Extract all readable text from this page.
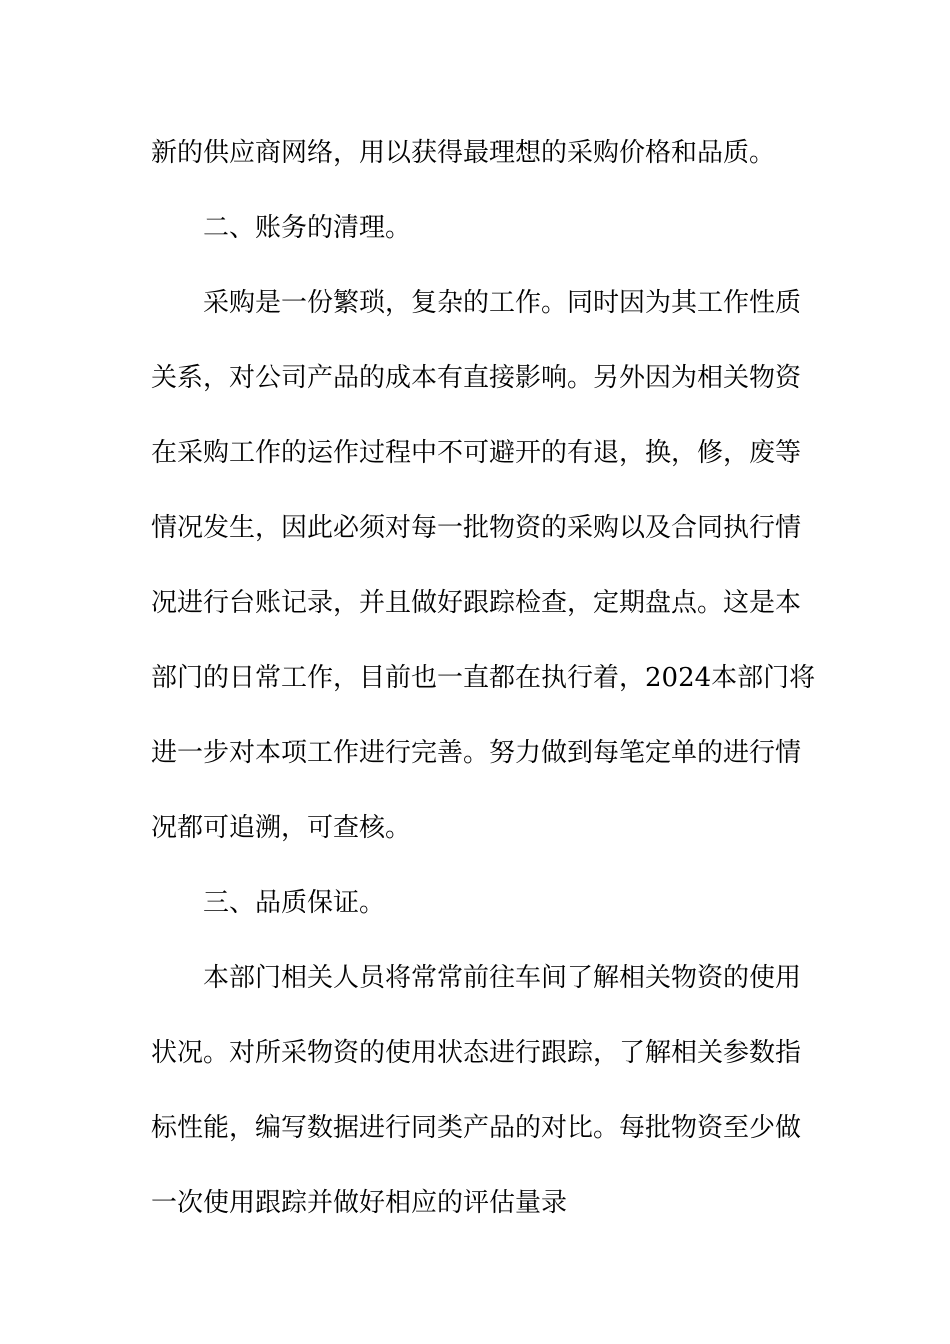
新的供应商网络，用以获得最理想的采购价格和品质。
二、账务的清理。
采购是一份繁琐，复杂的工作。同时因为其工作性质
关系，对公司产品的成本有直接影响。另外因为相关物资
在采购工作的运作过程中不可避开的有退，换，修，废等
情况发生，因此必须对每一批物资的采购以及合同执行情
况进行台账记录，并且做好跟踪检查，定期盘点。这是本
部门的日常工作，目前也一直都在执行着，2024本部门将
进一步对本项工作进行完善。努力做到每笔定单的进行情
况都可追溯，可查核。
三、品质保证。
本部门相关人员将常常前往车间了解相关物资的使用
状况。对所采物资的使用状态进行跟踪，了解相关参数指
标性能，编写数据进行同类产品的对比。每批物资至少做
一次使用跟踪并做好相应的评估量录
